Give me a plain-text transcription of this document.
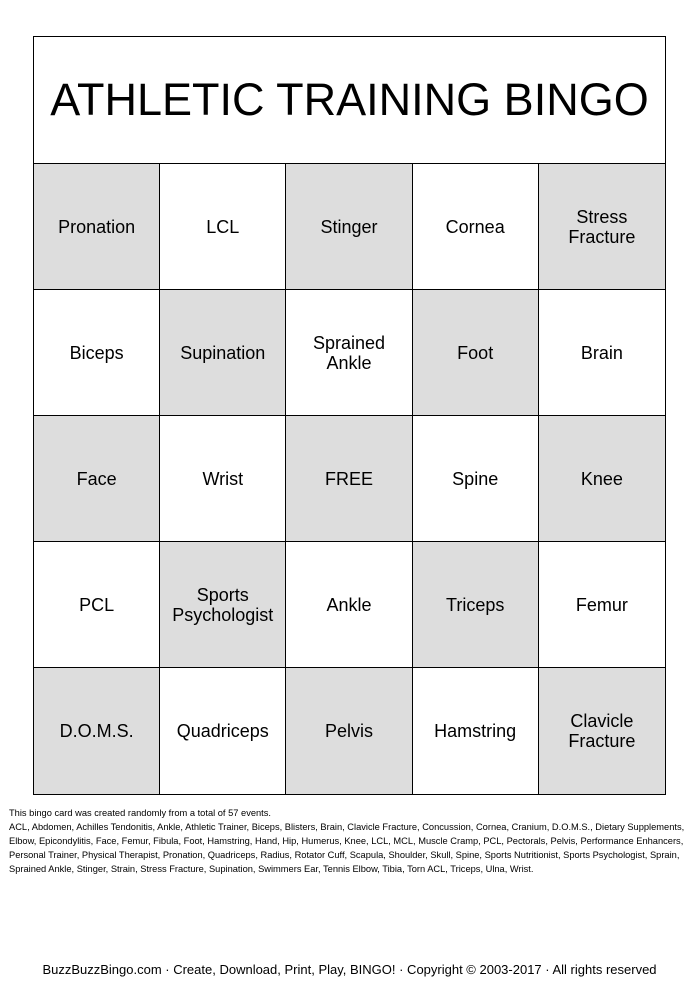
ATHLETIC TRAINING BINGO
Pronation	LCL	Stinger	Cornea	Stress Fracture
Biceps	Supination	Sprained Ankle	Foot	Brain
Face	Wrist	FREE	Spine	Knee
PCL	Sports Psychologist	Ankle	Triceps	Femur
D.O.M.S.	Quadriceps	Pelvis	Hamstring	Clavicle Fracture

This bingo card was created randomly from a total of 57 events.

ACL, Abdomen, Achilles Tendonitis, Ankle, Athletic Trainer, Biceps, Blisters, Brain, Clavicle Fracture, Concussion, Cornea, Cranium, D.O.M.S., Dietary Supplements, Elbow, Epicondylitis, Face, Femur, Fibula, Foot, Hamstring, Hand, Hip, Humerus, Knee, LCL, MCL, Muscle Cramp, PCL, Pectorals, Pelvis, Performance Enhancers, Personal Trainer, Physical Therapist, Pronation, Quadriceps, Radius, Rotator Cuff, Scapula, Shoulder, Skull, Spine, Sports Nutritionist, Sports Psychologist, Sprain, Sprained Ankle, Stinger, Strain, Stress Fracture, Supination, Swimmers Ear, Tennis Elbow, Tibia, Torn ACL, Triceps, Ulna, Wrist.

BuzzBuzzBingo.com · Create, Download, Print, Play, BINGO! · Copyright © 2003-2017 · All rights reserved
